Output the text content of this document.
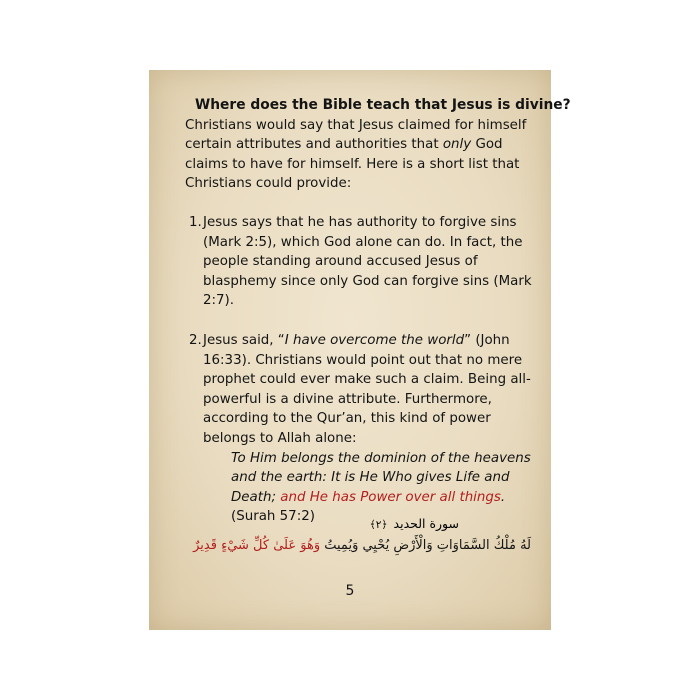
Where does the Bible teach that Jesus is divine?

Christians would say that Jesus claimed for himself certain attributes and authorities that only God claims to have for himself. Here is a short list that Christians could provide:

1. Jesus says that he has authority to forgive sins (Mark 2:5), which God alone can do. In fact, the people standing around accused Jesus of blasphemy since only God can forgive sins (Mark 2:7).
2. Jesus said, “I have overcome the world” (John 16:33). Christians would point out that no mere prophet could ever make such a claim. Being all-powerful is a divine attribute. Furthermore, according to the Qur’an, this kind of power belongs to Allah alone:

To Him belongs the dominion of the heavens and the earth: It is He Who gives Life and Death; and He has Power over all things. (Surah 57:2)	سورة الحديد﴿٢﴾
لَهُ مُلْكُ السَّمَاوَاتِ وَالْأَرْضِ يُحْيِي وَيُمِيتُ وَهُوَ عَلَىٰ كُلِّ شَيْءٍ قَدِيرٌ
5
